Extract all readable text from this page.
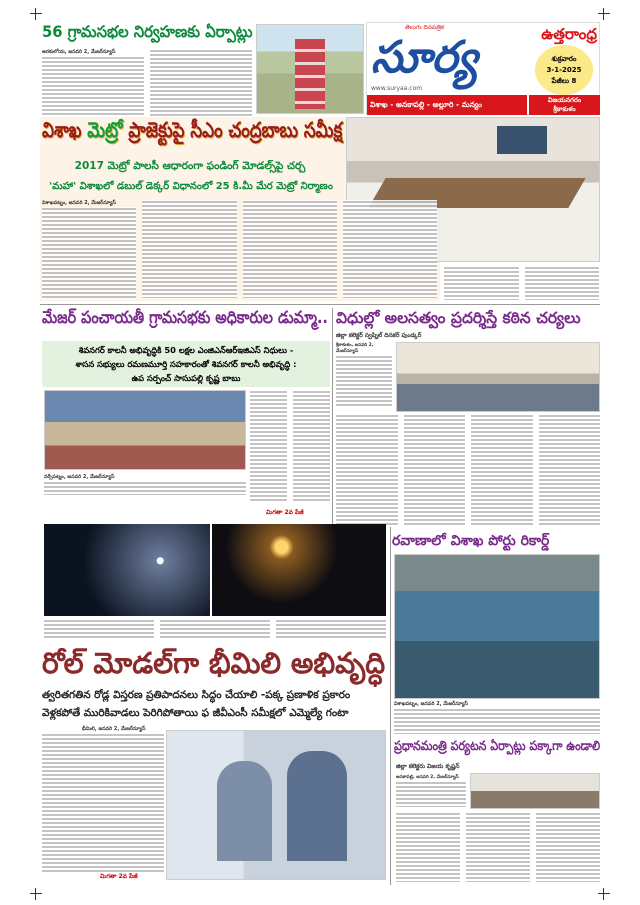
56 గ్రామసభల నిర్వహణకు ఏర్పాట్లు
అరకులోయ, జనవరి 2, మేజర్‌న్యూస్
తెలుగు దినపత్రిక
సూర్య	ఉత్తరాంధ్ర
శుక్రవారం
3-1-2025
పేజీలు 8
www.suryaa.com
విశాఖ - అనకాపల్లి - అల్లూరి - మన్యం	విజయనగరం
శ్రీకాకుళం
విశాఖ మెట్రో ప్రాజెక్టుపై సీఎం చంద్రబాబు సమీక్ష
2017 మెట్రో పాలసీ ఆధారంగా ఫండింగ్ మోడల్స్‌పై చర్చ
'మహా' విశాఖలో డబుల్ డెక్కర్ విధానంలో 25 కి.మీ మేర మెట్రో నిర్మాణం
విశాఖపట్నం, జనవరి 2, మేజర్‌న్యూస్
మేజర్ పంచాయతీ గ్రామసభకు అధికారుల డుమ్మా..
శివనగర్ కాలనీ అభివృద్ధికి 50 లక్షల ఎంజిఎన్ఆర్ఇజిఎస్ నిధులు -
శాసన సభ్యులు రమణమూర్తి సహకారంతో శివనగర్ కాలనీ అభివృద్ధి :
ఉప సర్పంచ్ సాసుపల్లి కృష్ణ బాబు
నర్సీపట్నం, జనవరి 2, మేజర్‌న్యూస్
మిగతా 2వ పేజీ
విధుల్లో అలసత్వం ప్రదర్శిస్తే కఠిన చర్యలు
జిల్లా కలెక్టర్ స్వప్నిల్ దినకర్ పుండ్కర్
శ్రీకాకుళం, జనవరి 2, మేజర్‌న్యూస్
రవాణాలో విశాఖ పోర్టు రికార్డ్
విశాఖపట్నం, జనవరి 2, మేజర్‌న్యూస్
రోల్ మోడల్‌గా భీమిలి అభివృద్ధి
త్వరితగతిన రోడ్ల విస్తరణ ప్రతిపాదనలు సిద్ధం చేయాలి -పక్క ప్రణాళిక ప్రకారం
వెళ్లకపోతే మురికివాడలు పెరిగిపోతాయి ఫ జీవీఎంసీ సమీక్షలో ఎమ్మెల్యే గంటా
భీమిలి, జనవరి 2, మేజర్‌న్యూస్
మిగతా 2వ పేజీ
ప్రధానమంత్రి పర్యటన ఏర్పాట్లు పక్కాగా ఉండాలి
జిల్లా కలెక్టరు విజయ కృష్ణన్
అనకాపల్లి, జనవరి 2, మేజర్‌న్యూస్
